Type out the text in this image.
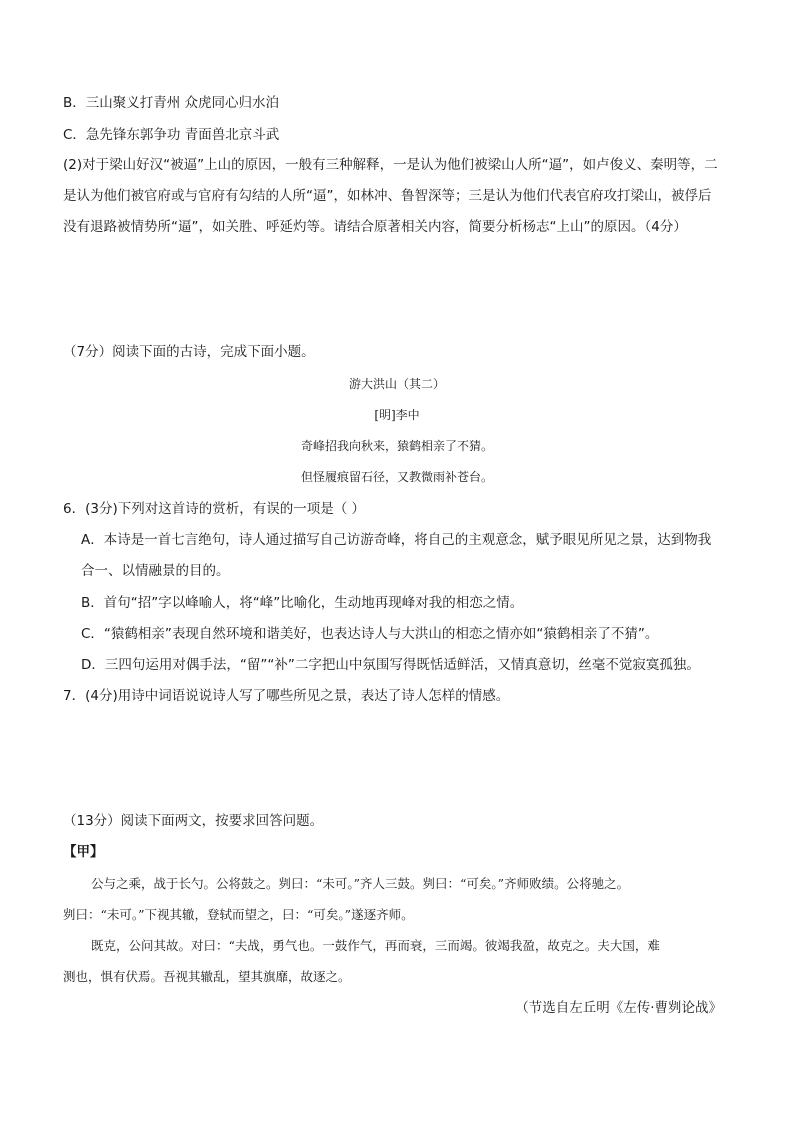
B．三山聚义打青州 众虎同心归水泊
C．急先锋东郭争功 青面兽北京斗武
(2)对于梁山好汉“被逼”上山的原因，一般有三种解释，一是认为他们被梁山人所“逼”，如卢俊义、秦明等，二
是认为他们被官府或与官府有勾结的人所“逼”，如林冲、鲁智深等；三是认为他们代表官府攻打梁山，被俘后
没有退路被情势所“逼”，如关胜、呼延灼等。请结合原著相关内容，简要分析杨志“上山”的原因。（4分）
（7分）阅读下面的古诗，完成下面小题。
游大洪山（其二）
[明]李中
奇峰招我向秋来，猿鹤相亲了不猜。
但怪履痕留石径，又教微雨补苍台。
6．(3分)下列对这首诗的赏析，有误的一项是（ ）
A．本诗是一首七言绝句，诗人通过描写自己访游奇峰，将自己的主观意念，赋予眼见所见之景，达到物我
合一、以情融景的目的。
B．首句“招”字以峰喻人，将“峰”比喻化，生动地再现峰对我的相恋之情。
C．“猿鹤相亲”表现自然环境和谐美好，也表达诗人与大洪山的相恋之情亦如“猿鹤相亲了不猜”。
D．三四句运用对偶手法，“留”“补”二字把山中氛围写得既恬适鲜活，又情真意切，丝毫不觉寂寞孤独。
7．(4分)用诗中词语说说诗人写了哪些所见之景，表达了诗人怎样的情感。
（13分）阅读下面两文，按要求回答问题。
【甲】
公与之乘，战于长勺。公将鼓之。刿曰：“未可。”齐人三鼓。刿曰：“可矣。”齐师败绩。公将驰之。
刿曰：“未可。”下视其辙，登轼而望之，曰：“可矣。”遂逐齐师。
既克，公问其故。对曰：“夫战，勇气也。一鼓作气，再而衰，三而竭。彼竭我盈，故克之。夫大国，难
测也，惧有伏焉。吾视其辙乱，望其旗靡，故逐之。
（节选自左丘明《左传·曹刿论战》
